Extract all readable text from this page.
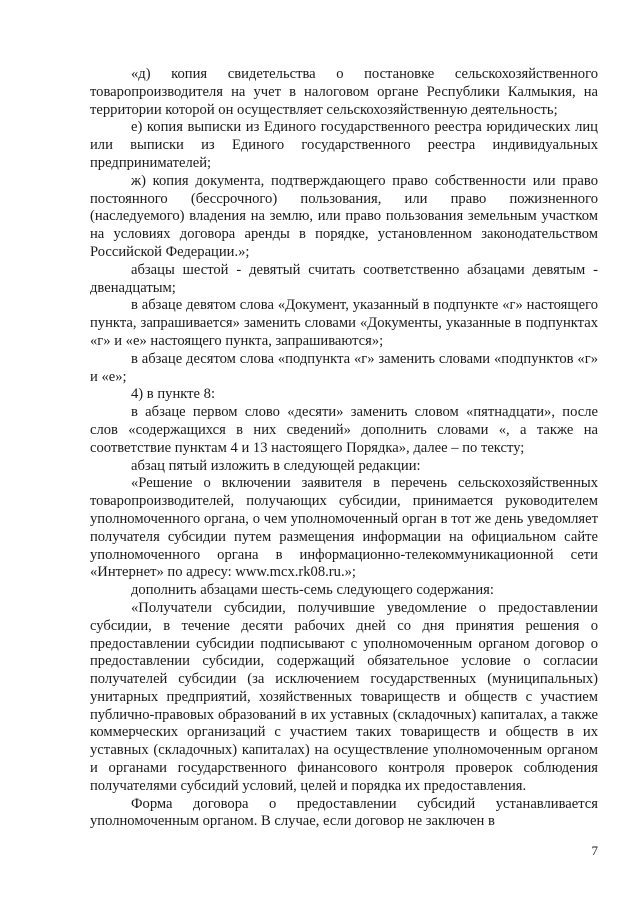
«д) копия свидетельства о постановке сельскохозяйственного товаропроизводителя на учет в налоговом органе Республики Калмыкия, на территории которой он осуществляет сельскохозяйственную деятельность;

е) копия выписки из Единого государственного реестра юридических лиц или выписки из Единого государственного реестра индивидуальных предпринимателей;

ж) копия документа, подтверждающего право собственности или право постоянного (бессрочного) пользования, или право пожизненного (наследуемого) владения на землю, или право пользования земельным участком на условиях договора аренды в порядке, установленном законодательством Российской Федерации.»;

абзацы шестой - девятый считать соответственно абзацами девятым - двенадцатым;

в абзаце девятом слова «Документ, указанный в подпункте «г» настоящего пункта, запрашивается» заменить словами «Документы, указанные в подпунктах «г» и «е» настоящего пункта, запрашиваются»;

в абзаце десятом слова «подпункта «г» заменить словами «подпунктов «г» и «е»;

4) в пункте 8:

в абзаце первом слово «десяти» заменить словом «пятнадцати», после слов «содержащихся в них сведений» дополнить словами «, а также на соответствие пунктам 4 и 13 настоящего Порядка», далее – по тексту;

абзац пятый изложить в следующей редакции:

«Решение о включении заявителя в перечень сельскохозяйственных товаропроизводителей, получающих субсидии, принимается руководителем уполномоченного органа, о чем уполномоченный орган в тот же день уведомляет получателя субсидии путем размещения информации на официальном сайте уполномоченного органа в информационно-телекоммуникационной сети «Интернет» по адресу: www.mcx.rk08.ru.»;

дополнить абзацами шесть-семь следующего содержания:

«Получатели субсидии, получившие уведомление о предоставлении субсидии, в течение десяти рабочих дней со дня принятия решения о предоставлении субсидии подписывают с уполномоченным органом договор о предоставлении субсидии, содержащий обязательное условие о согласии получателей субсидии (за исключением государственных (муниципальных) унитарных предприятий, хозяйственных товариществ и обществ с участием публично-правовых образований в их уставных (складочных) капиталах, а также коммерческих организаций с участием таких товариществ и обществ в их уставных (складочных) капиталах) на осуществление уполномоченным органом и органами государственного финансового контроля проверок соблюдения получателями субсидий условий, целей и порядка их предоставления.

Форма договора о предоставлении субсидий устанавливается уполномоченным органом. В случае, если договор не заключен в

7
